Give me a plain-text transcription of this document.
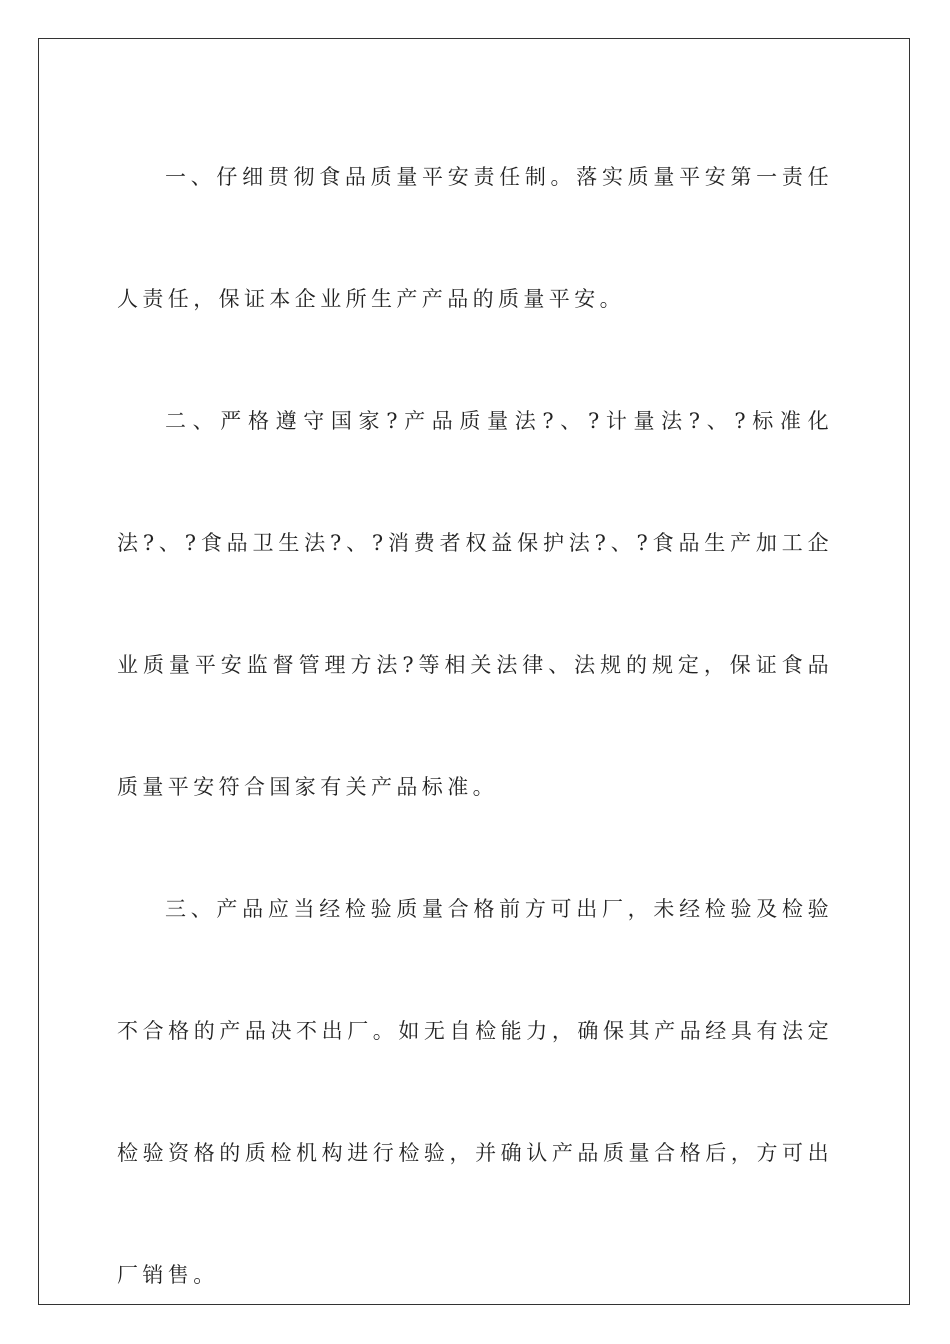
一、仔细贯彻食品质量平安责任制。落实质量平安第一责任人责任，保证本企业所生产产品的质量平安。

二、严格遵守国家?产品质量法?、?计量法?、?标准化法?、?食品卫生法?、?消费者权益保护法?、?食品生产加工企业质量平安监督管理方法?等相关法律、法规的规定，保证食品质量平安符合国家有关产品标准。

三、产品应当经检验质量合格前方可出厂，未经检验及检验不合格的产品决不出厂。如无自检能力，确保其产品经具有法定检验资格的质检机构进行检验，并确认产品质量合格后，方可出厂销售。
